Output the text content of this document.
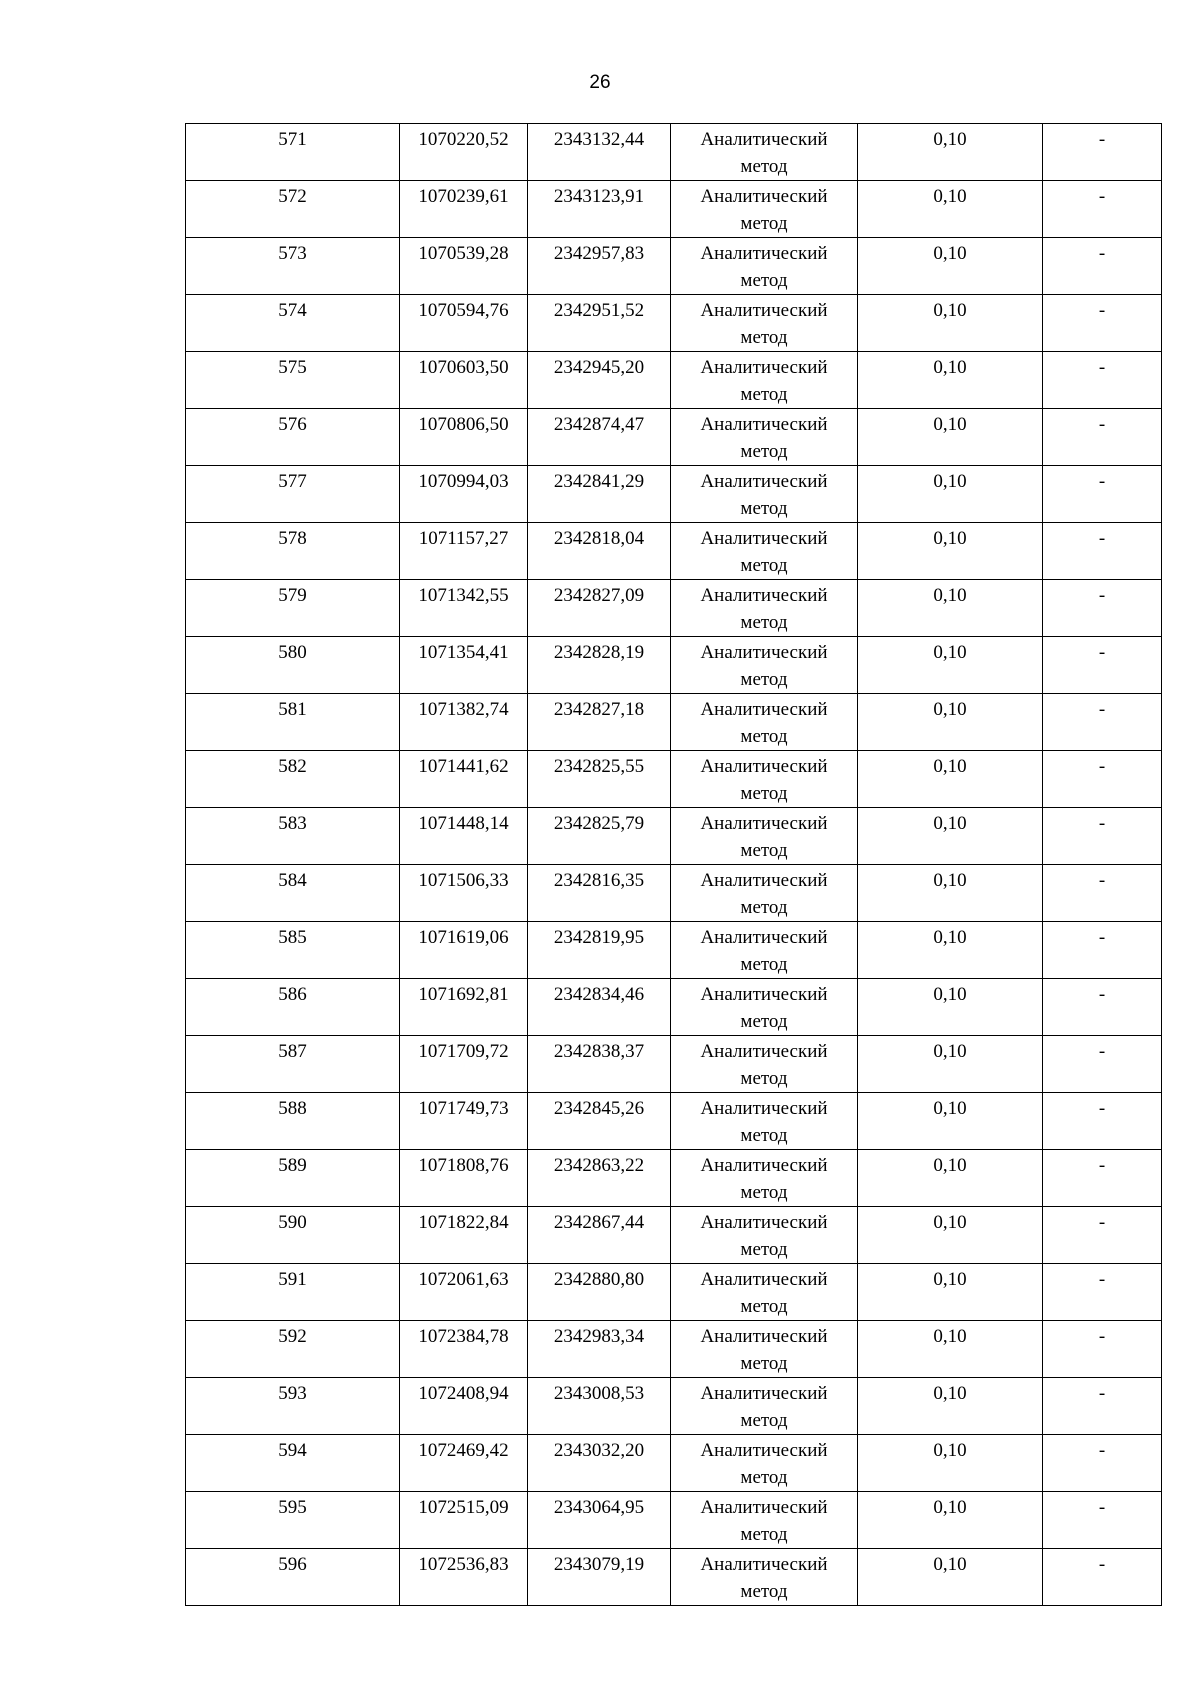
26
571	1070220,52	2343132,44	Аналитический метод	0,10	-
572	1070239,61	2343123,91	Аналитический метод	0,10	-
573	1070539,28	2342957,83	Аналитический метод	0,10	-
574	1070594,76	2342951,52	Аналитический метод	0,10	-
575	1070603,50	2342945,20	Аналитический метод	0,10	-
576	1070806,50	2342874,47	Аналитический метод	0,10	-
577	1070994,03	2342841,29	Аналитический метод	0,10	-
578	1071157,27	2342818,04	Аналитический метод	0,10	-
579	1071342,55	2342827,09	Аналитический метод	0,10	-
580	1071354,41	2342828,19	Аналитический метод	0,10	-
581	1071382,74	2342827,18	Аналитический метод	0,10	-
582	1071441,62	2342825,55	Аналитический метод	0,10	-
583	1071448,14	2342825,79	Аналитический метод	0,10	-
584	1071506,33	2342816,35	Аналитический метод	0,10	-
585	1071619,06	2342819,95	Аналитический метод	0,10	-
586	1071692,81	2342834,46	Аналитический метод	0,10	-
587	1071709,72	2342838,37	Аналитический метод	0,10	-
588	1071749,73	2342845,26	Аналитический метод	0,10	-
589	1071808,76	2342863,22	Аналитический метод	0,10	-
590	1071822,84	2342867,44	Аналитический метод	0,10	-
591	1072061,63	2342880,80	Аналитический метод	0,10	-
592	1072384,78	2342983,34	Аналитический метод	0,10	-
593	1072408,94	2343008,53	Аналитический метод	0,10	-
594	1072469,42	2343032,20	Аналитический метод	0,10	-
595	1072515,09	2343064,95	Аналитический метод	0,10	-
596	1072536,83	2343079,19	Аналитический метод	0,10	-
